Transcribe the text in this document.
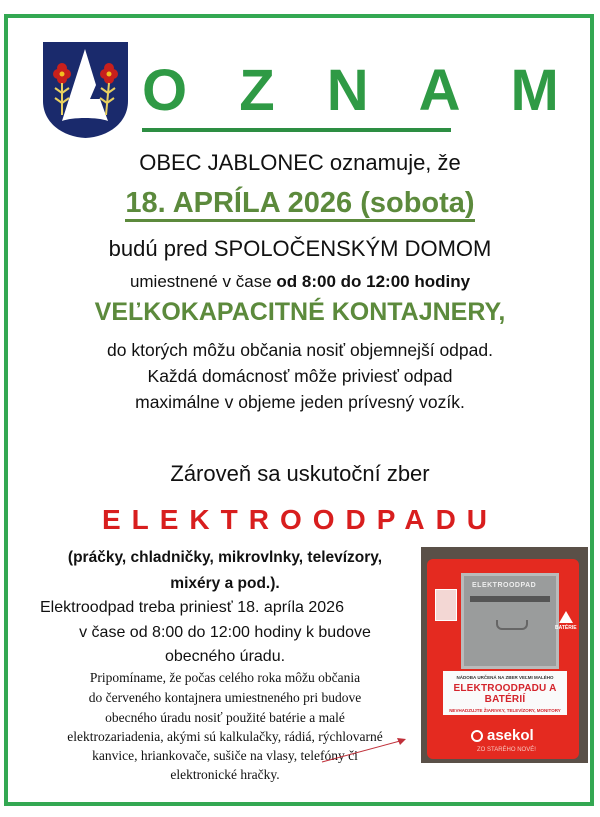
O Z N A M
OBEC JABLONEC oznamuje, že
18. APRÍLA 2026 (sobota)
budú pred SPOLOČENSKÝM DOMOM
umiestnené v čase od 8:00 do 12:00 hodiny
VEĽKOKAPACITNÉ KONTAJNERY,
do ktorých môžu občania nosiť objemnejší odpad.
Každá domácnosť môže priviesť odpad
maximálne v objeme jeden prívesný vozík.
Zároveň sa uskutoční zber
ELEKTROODPADU
(práčky, chladničky, mikrovlnky, televízory,
mixéry a pod.).
Elektroodpad treba priniesť 18. apríla 2026
v čase od 8:00 do 12:00 hodiny k budove
obecného úradu.
Pripomíname, že počas celého roka môžu občania
do červeného kontajnera umiestneného pri budove
obecného úradu nosiť použité batérie a malé
elektrozariadenia, akými sú kalkulačky, rádiá, rýchlovarné
kanvice, hriankovače, sušiče na vlasy, telefóny či
elektronické hračky.
ELEKTROODPAD
BATÉRIE
NÁDOBA URČENÁ NA ZBER VEĽMI MALÉHO
ELEKTROODPADU A BATÉRIÍ
NEVHADZUJTE ŽIARIVKY, TELEVÍZORY, MONITORY
asekol
ZO STARÉHO NOVÉ!
